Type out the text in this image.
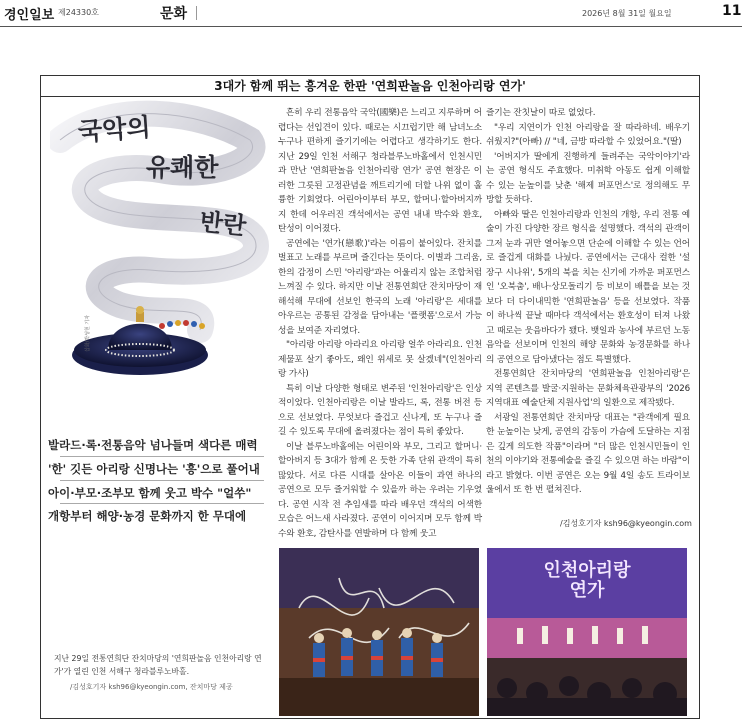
경인일보 제24330호	문화	2026년 8월 31일 월요일	11
3대가 함께 뛰는 흥겨운 한판 '연희판놀음 인천아리랑 연가'
국악의
유쾌한
반란
삽화/박성현 기자
발라드·록·전통음악 넘나들며 색다른 매력
'한' 깃든 아리랑 신명나는 '흥'으로 풀어내
아이·부모·조부모 함께 웃고 박수 "얼쑤"
개항부터 해양·농경 문화까지 한 무대에

흔히 우리 전통음악 국악(國樂)은 느리고 지루하며 어렵다는 선입견이 있다. 때로는 시끄럽기만 해 남녀노소 누구나 편하게 즐기기에는 어렵다고 생각하기도 한다. 지난 29일 인천 서해구 청라블루노바홀에서 인천시민과 만난 '연희판놀음 인천아리랑 연가' 공연 현장은 이러한 그릇된 고정관념을 깨트리기에 더할 나위 없이 훌륭한 기회였다. 어린아이부터 부모, 할머니·할아버지까지 한데 어우러진 객석에서는 공연 내내 박수와 환호, 탄성이 이어졌다.

공연에는 '연가(戀歌)'라는 이름이 붙어있다. 잔치를 벌표고 노래를 부르며 즐긴다는 뜻이다. 이별과 그리움, 한의 감정이 스민 '아리랑'과는 어울리지 않는 조합처럼 느껴질 수 있다. 하지만 이날 전통연희단 잔치마당이 재해석해 무대에 선보인 한국의 노래 '아리랑'은 세대를 아우르는 공통된 감정을 담아내는 '플랫폼'으로서 가능성을 보여준 자리였다.

"아리랑 아리랑 아라리요 아리랑 얼쑤 아라리요. 인천 제물포 살기 좋아도, 왜인 위세로 못 살겠네"(인천아리랑 가사)

특히 이날 다양한 형태로 변주된 '인천아리랑'은 인상적이었다. 인천아리랑은 이날 발라드, 록, 전통 버전 등으로 선보였다. 무엇보다 즐겁고 신나게, 또 누구나 즐길 수 있도록 무대에 올려졌다는 점이 특히 좋았다.

이날 블루노바홀에는 어린이와 부모, 그리고 할머니·할아버지 등 3대가 함께 온 듯한 가족 단위 관객이 특히 많았다. 서로 다른 시대를 살아온 이들이 과연 하나의 공연으로 모두 즐거워할 수 있을까 하는 우려는 기우였다. 공연 시작 전 추임새를 따라 배우던 객석의 어색한 모습은 어느새 사라졌다. 공연이 이어지며 모두 함께 박수와 환호, 감탄사를 연발하며 다 함께 웃고

즐기는 잔칫날이 따로 없었다.

"우리 지연이가 인천 아리랑을 잘 따라하네. 배우기 쉬웠지?"(아빠) // "네, 금방 따라할 수 있었어요."(딸)

'어버지가 딸에게 진행하게 들려주는 국악이야기'라는 공연 형식도 주효했다. 미취학 아동도 쉽게 이해할 수 있는 눈높이를 낮춘 '해제 퍼포먼스'로 정의해도 무방할 듯하다.

아빠와 딸은 인천아리랑과 인천의 개항, 우리 전통 예술이 가진 다양한 장르 형식을 설명했다. 객석의 관객이 그저 눈과 귀만 열어놓으면 단순에 이해할 수 있는 언어로 즐겁게 대화를 나눴다. 공연에서는 근대사 컬한 '설장구 시나위', 5개의 북을 치는 신기에 가까운 퍼포먼스인 '오북춤', 배나·상모돌리기 등 비보이 배틀을 보는 것 보다 더 다이내믹한 '연희판놀음' 등을 선보였다. 작품이 하나씩 끝날 때마다 객석에서는 환호성이 터져 나왔고 때로는 웃음바다가 됐다. 뱃일과 농사에 부르던 노동 음악을 선보이며 인천의 해양 문화와 농경문화를 하나의 공연으로 담아냈다는 점도 특별했다.

전통연희단 잔치마당의 '연희판놀음 인천아리랑'은 지역 콘텐츠를 발굴·지원하는 문화체육관광부의 '2026 지역대표 예술단체 지원사업'의 일환으로 제작됐다.

서광일 전통연희단 잔치마당 대표는 "관객에게 필요한 눈높이는 낮게, 공연의 감동이 가슴에 도달하는 지점은 깊게 의도한 작품"이라며 "더 많은 인천시민들이 인천의 이야기와 전통예술을 즐길 수 있으면 하는 바람"이라고 밝혔다. 이번 공연은 오는 9월 4일 송도 트라이보울에서 또 한 번 펼쳐진다.

/김성호기자 ksh96@kyeongin.com
인천아리랑 연가
지난 29일 전통연희단 잔치마당의 '연희판놀음 인천아리랑 연가'가 열린 인천 서해구 청라블루노바홀.
/김성호기자 ksh96@kyeongin.com, 잔치마당 제공
